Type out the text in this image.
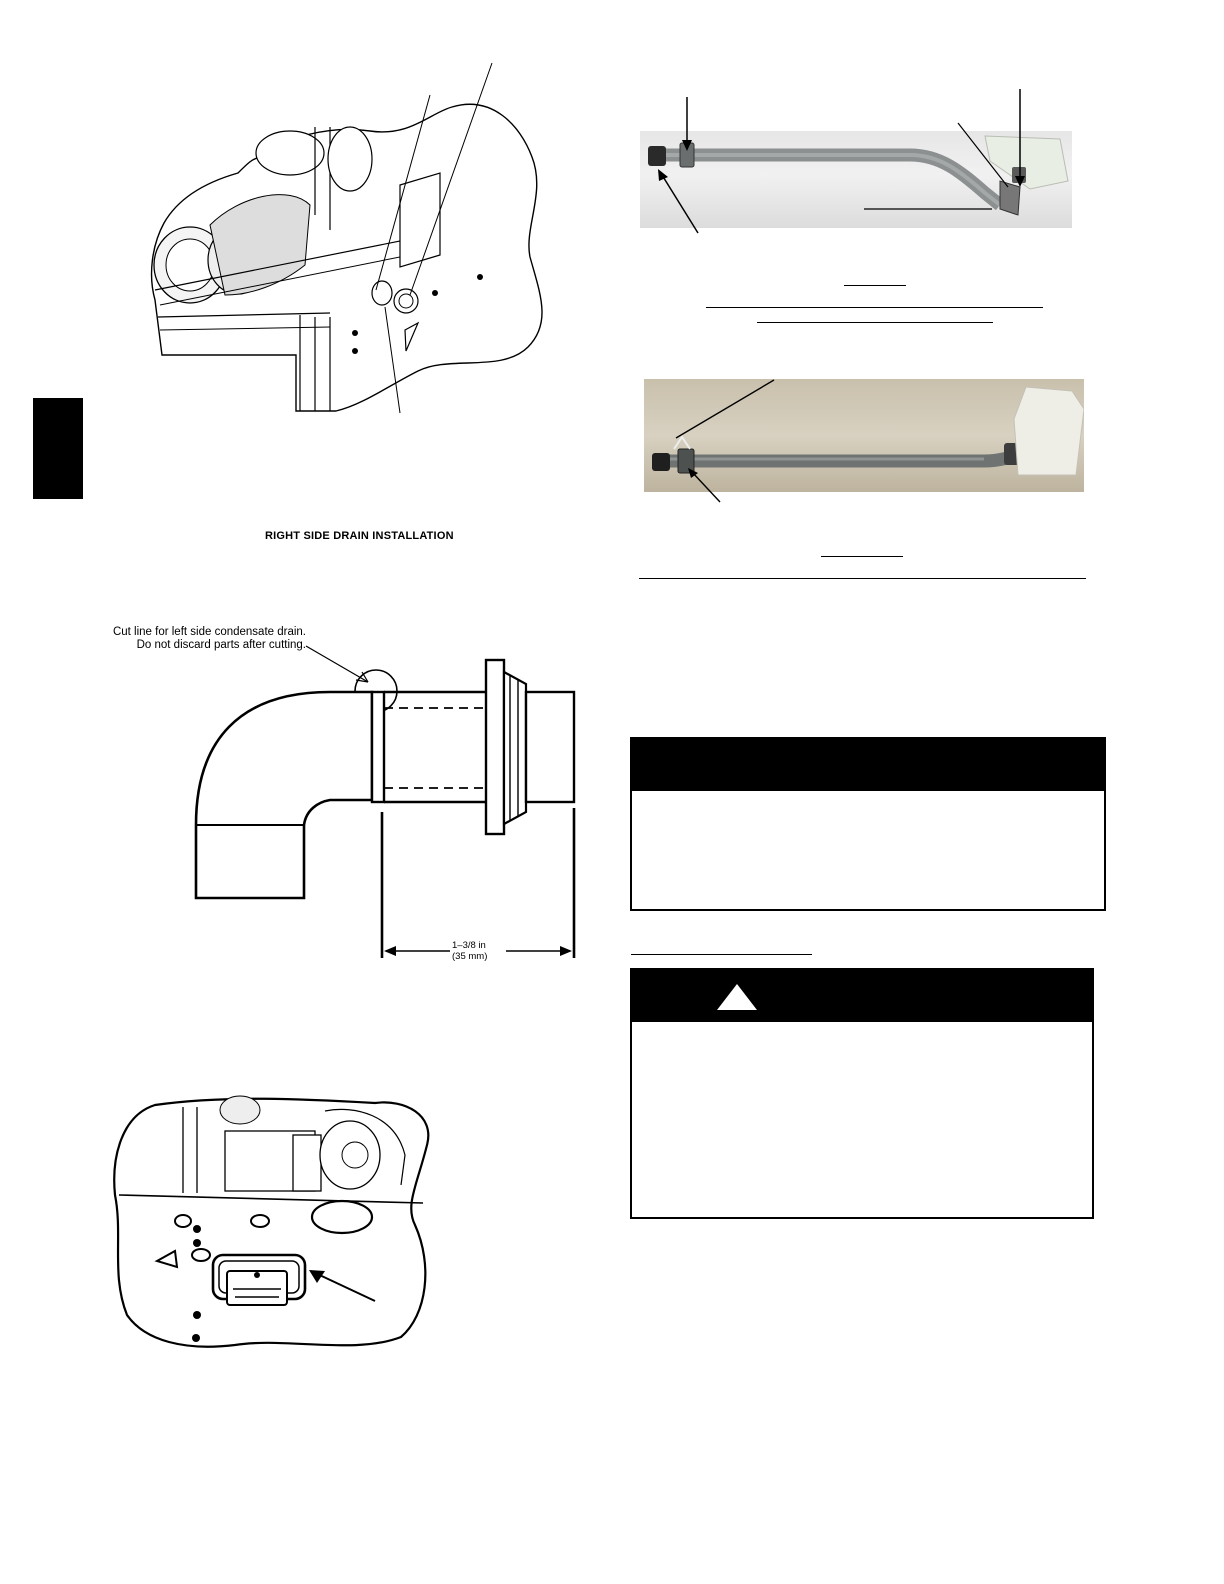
RIGHT SIDE DRAIN INSTALLATION
Cut line for left side condensate drain.
Do not discard parts after cutting.
1–3/8 in
(35 mm)
